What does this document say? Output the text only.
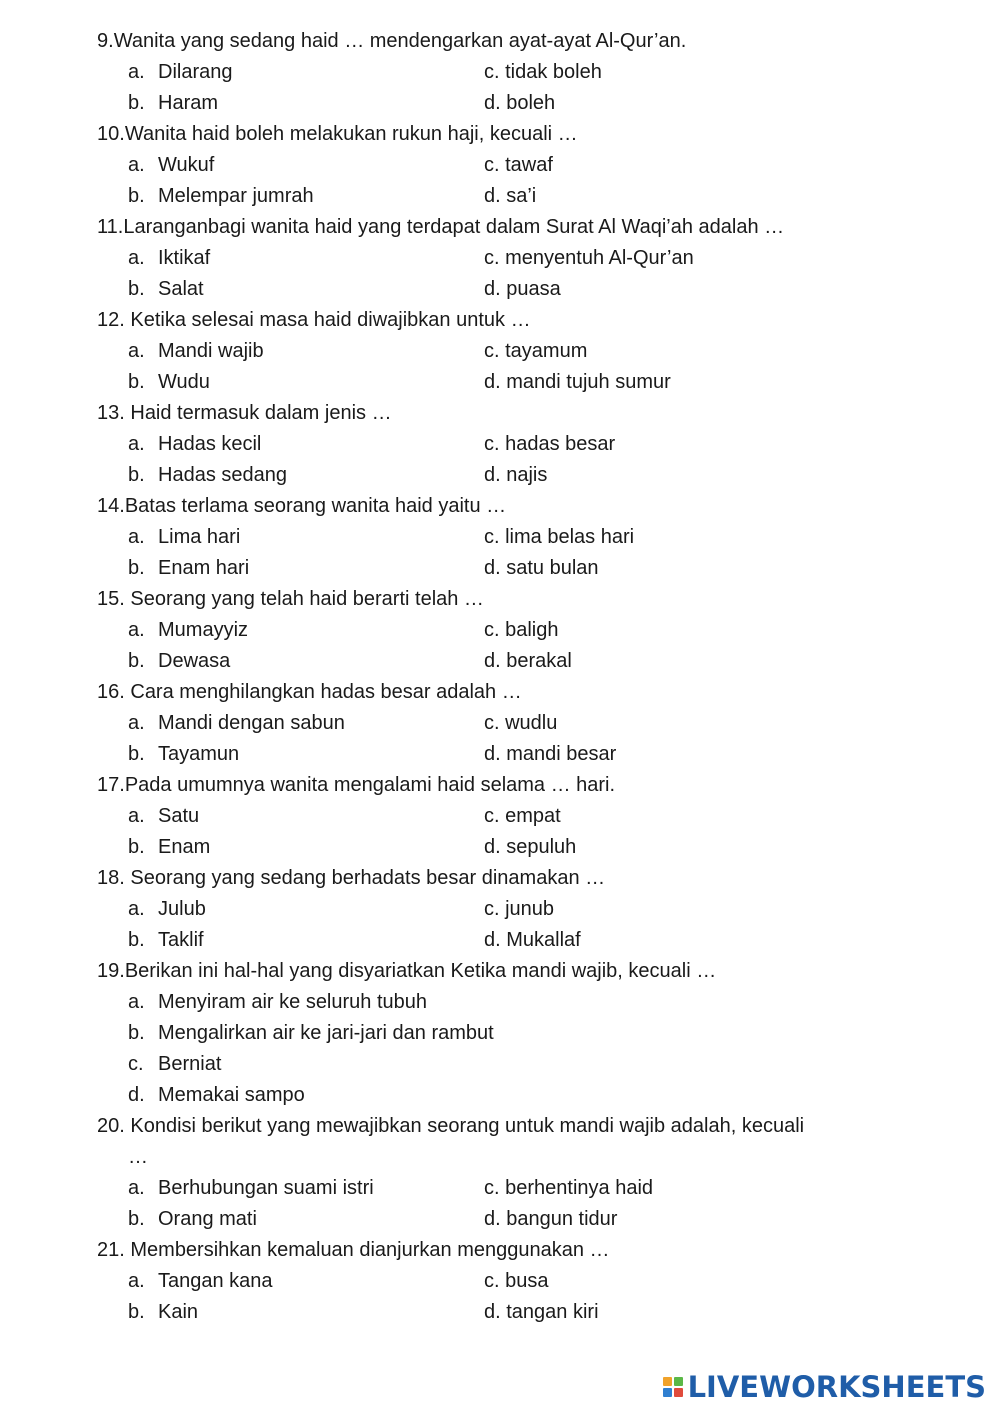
9.Wanita yang sedang haid … mendengarkan ayat-ayat Al-Qur’an.
a. Dilarang	c. tidak boleh
b. Haram	d. boleh
10.Wanita haid boleh melakukan rukun haji, kecuali …
a. Wukuf	c. tawaf
b. Melempar jumrah	d. sa’i
11.Laranganbagi wanita haid yang terdapat dalam Surat Al Waqi’ah adalah …
a. Iktikaf	c. menyentuh Al-Qur’an
b. Salat	d. puasa
12. Ketika selesai masa haid diwajibkan untuk …
a. Mandi wajib	c. tayamum
b. Wudu	d. mandi tujuh sumur
13. Haid termasuk dalam jenis …
a. Hadas kecil	c. hadas besar
b. Hadas sedang	d. najis
14.Batas terlama seorang wanita haid yaitu …
a. Lima hari	c. lima belas hari
b. Enam hari	d. satu bulan
15. Seorang yang telah haid berarti telah …
a. Mumayyiz	c. baligh
b. Dewasa	d. berakal
16. Cara menghilangkan hadas besar adalah …
a. Mandi dengan sabun	c. wudlu
b. Tayamun	d. mandi besar
17.Pada umumnya wanita mengalami haid selama … hari.
a. Satu	c. empat
b. Enam	d. sepuluh
18. Seorang yang sedang berhadats besar dinamakan …
a. Julub	c. junub
b. Taklif	d. Mukallaf
19.Berikan ini hal-hal yang disyariatkan Ketika mandi wajib, kecuali …
a. Menyiram air ke seluruh tubuh
b. Mengalirkan air ke jari-jari dan rambut
c. Berniat
d. Memakai sampo
20. Kondisi berikut yang mewajibkan seorang untuk mandi wajib adalah, kecuali
…
a. Berhubungan suami istri	c. berhentinya haid
b. Orang mati	d. bangun tidur
21. Membersihkan kemaluan dianjurkan menggunakan …
a. Tangan kana	c. busa
b. Kain	d. tangan kiri
LIVEWORKSHEETS
